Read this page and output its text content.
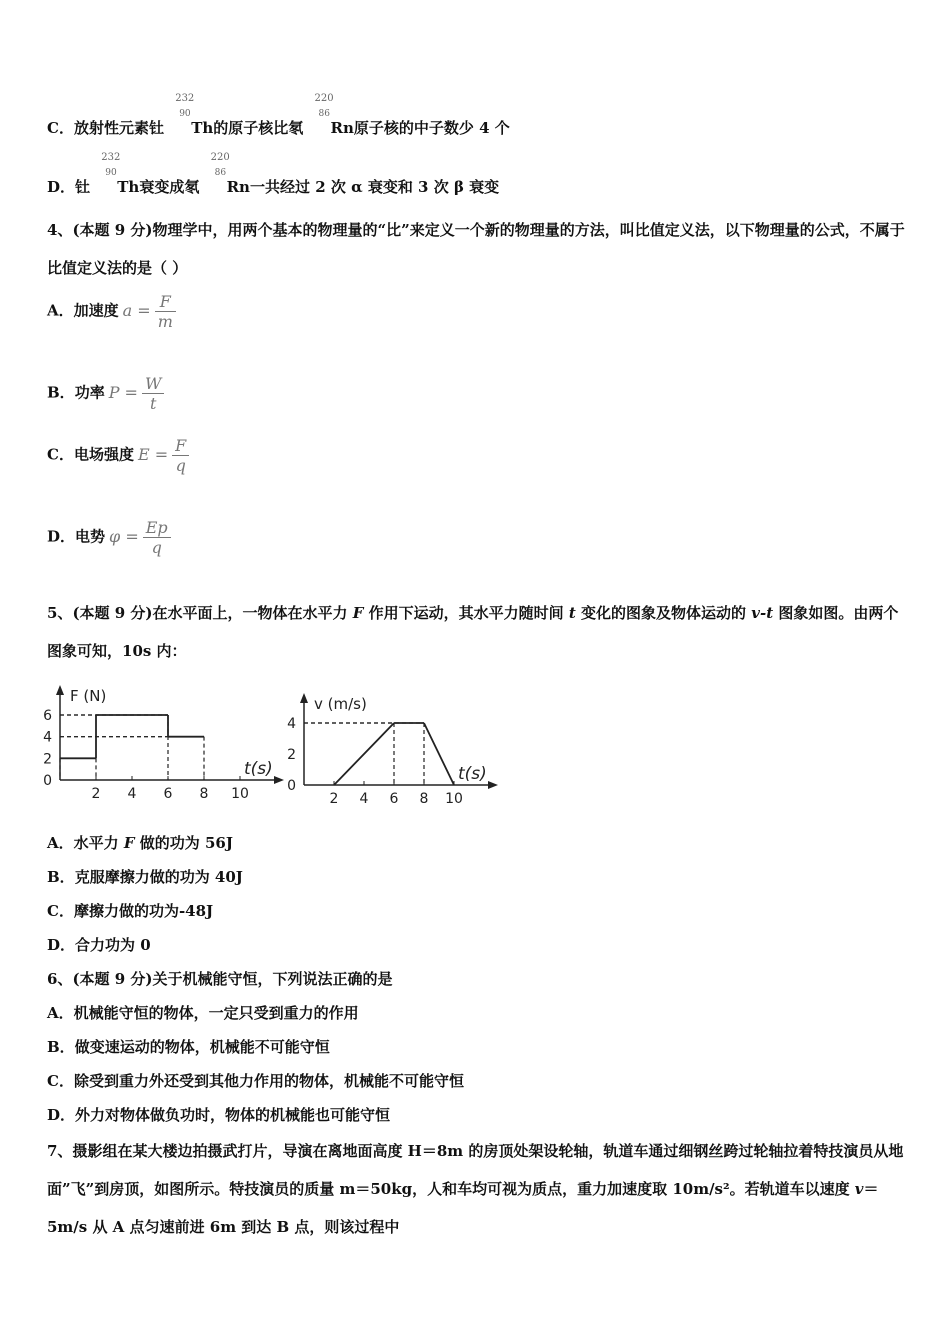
C．放射性元素钍
232
90
Th的原子核比氡
220
86
Rn原子核的中子数少 4 个
D．钍
232
90
Th衰变成氡
220
86
Rn一共经过 2 次 α 衰变和 3 次 β 衰变
4、(本题 9 分)物理学中，用两个基本的物理量的“比”来定义一个新的物理量的方法，叫比值定义法，以下物理量的公式，不属于比值定义法的是（ ）
A．加速度 $a = \frac{F}{m}$
B．功率 $P = \frac{W}{t}$
C．电场强度 $E = \frac{F}{q}$
D．电势 $\varphi = \frac{Ep}{q}$
5、(本题 9 分)在水平面上，一物体在水平力 F 作用下运动，其水平力随时间 t 变化的图象及物体运动的 v-t 图象如图。由两个图象可知，10s 内：
2 4 6 8 10
0
2
4
6
F (N)
t(s)
2 4 6 8 10
0
2
4
v (m/s)
t(s)
A．水平力 F 做的功为 56J
B．克服摩擦力做的功为 40J
C．摩擦力做的功为-48J
D．合力功为 0
6、(本题 9 分)关于机械能守恒，下列说法正确的是
A．机械能守恒的物体，一定只受到重力的作用
B．做变速运动的物体，机械能不可能守恒
C．除受到重力外还受到其他力作用的物体，机械能不可能守恒
D．外力对物体做负功时，物体的机械能也可能守恒
7、摄影组在某大楼边拍摄武打片，导演在离地面高度 H＝8m 的房顶处架设轮轴，轨道车通过细钢丝跨过轮轴拉着特技演员从地面”飞”到房顶，如图所示。特技演员的质量 m＝50kg，人和车均可视为质点，重力加速度取 10m/s²。若轨道车以速度 v＝5m/s 从 A 点匀速前进 6m 到达 B 点，则该过程中
